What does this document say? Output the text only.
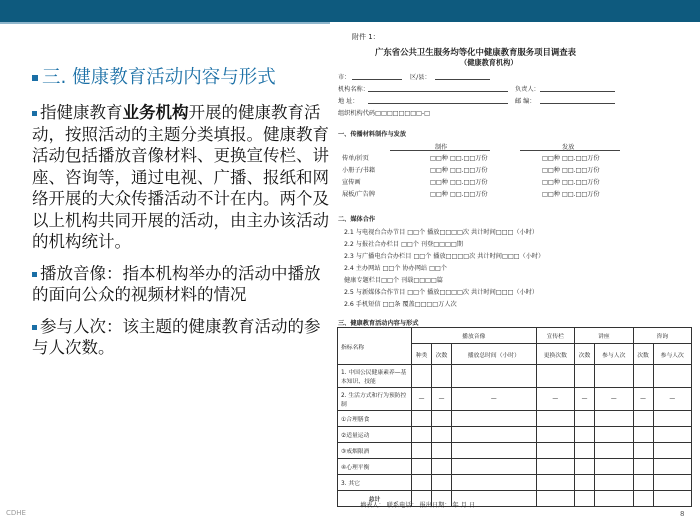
三. 健康教育活动内容与形式

指健康教育业务机构开展的健康教育活动，按照活动的主题分类填报。健康教育活动包括播放音像材料、更换宣传栏、讲座、咨询等，通过电视、广播、报纸和网络开展的大众传播活动不计在内。两个及以上机构共同开展的活动，由主办该活动的机构统计。

播放音像：指本机构举办的活动中播放的面向公众的视频材料的情况

参与人次：该主题的健康教育活动的参与人次数。

附件 1：
广东省公共卫生服务均等化中健康教育服务项目调查表
（健康教育机构）
市：	区/县：
机构名称：	负责人：
地 址：	邮 编：
组织机构代码□□□□□□□□-□
一、传播材料制作与发放
制作	发放
传单/折页	□□种 □□.□□万份	□□种 □□.□□万份
小册子/书籍	□□种 □□.□□万份	□□种 □□.□□万份
宣传画	□□种 □□.□□万份	□□种 □□.□□万份
展板/广告牌	□□种 □□.□□万份	□□种 □□.□□万份
二、媒体合作
2.1 与电视台合办节目 □□个 播放□□□□次 共计时间□□□（小时）
2.2 与报社合办栏目 □□个 刊登□□□□期
2.3 与广播电台合办栏目 □□个 播放□□□□次 共计时间□□□（小时）
2.4 主办网站 □□个 协办网站 □□个
健康专题栏目□□个 刊载□□□□篇
2.5 与新媒体合作节目 □□个 播放□□□□次 共计时间□□□（小时）
2.6 手机短信 □□条 覆盖□□□□万人次
三、健康教育活动内容与形式
指标名称	播放音像			宣传栏	讲座		咨询	
	种类	次数	播放总时间（小时）	更换次数	次数	参与人次	次数	参与人次
1. 中国公民健康素养—基本知识、技能								
2. 生活方式和行为预防控制	—	—	—	—	—	—	—	—
①合理膳食								
②适量运动								
③戒烟限酒								
④心理平衡								
3. 其它								
总计								
填表人： 联系电话： 报出日期： 年 月 日
CDHE	8
